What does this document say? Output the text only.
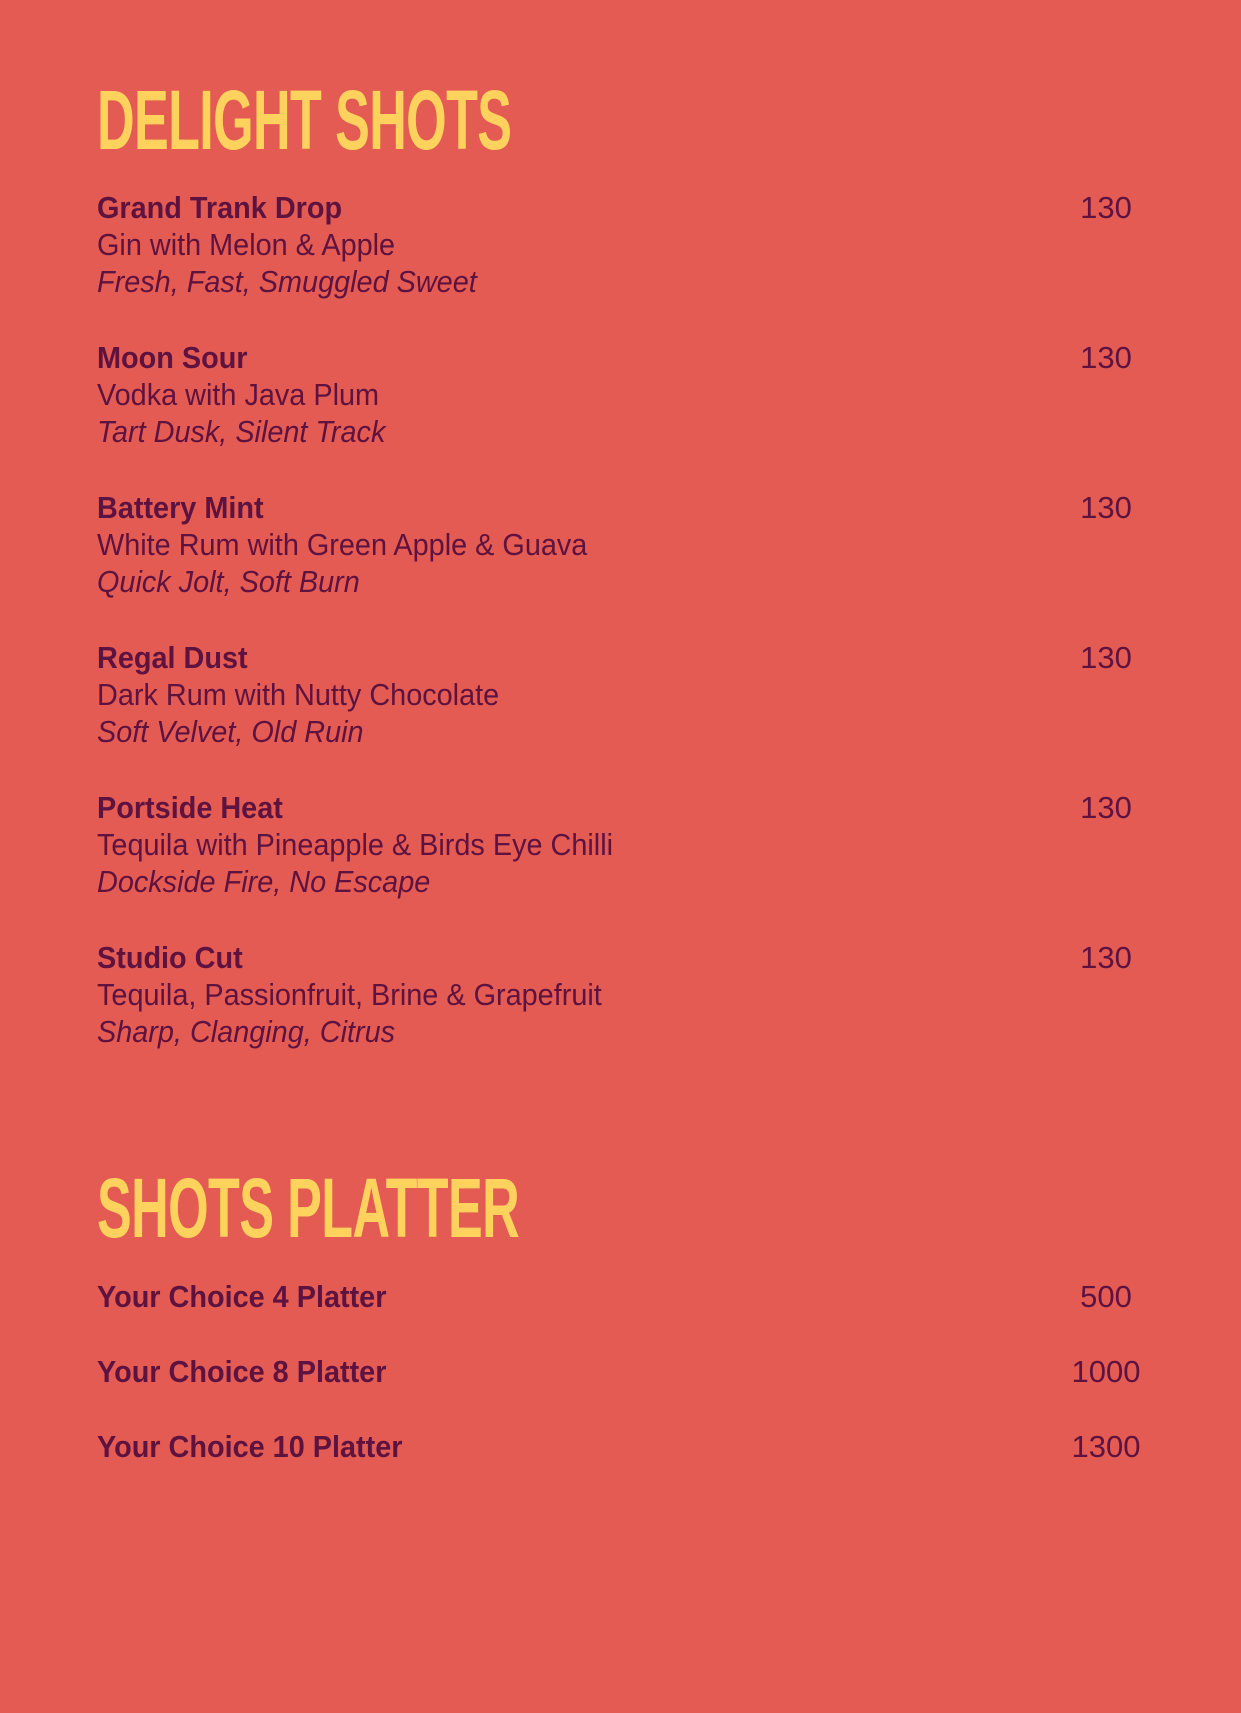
DELIGHT SHOTS
Grand Trank Drop
Gin with Melon & Apple
Fresh, Fast, Smuggled Sweet
130
Moon Sour
Vodka with Java Plum
Tart Dusk, Silent Track
130
Battery Mint
White Rum with Green Apple & Guava
Quick Jolt, Soft Burn
130
Regal Dust
Dark Rum with Nutty Chocolate
Soft Velvet, Old Ruin
130
Portside Heat
Tequila with Pineapple & Birds Eye Chilli
Dockside Fire, No Escape
130
Studio Cut
Tequila, Passionfruit, Brine & Grapefruit
Sharp, Clanging, Citrus
130
SHOTS PLATTER
Your Choice 4 Platter	500
Your Choice 8 Platter	1000
Your Choice 10 Platter	1300
